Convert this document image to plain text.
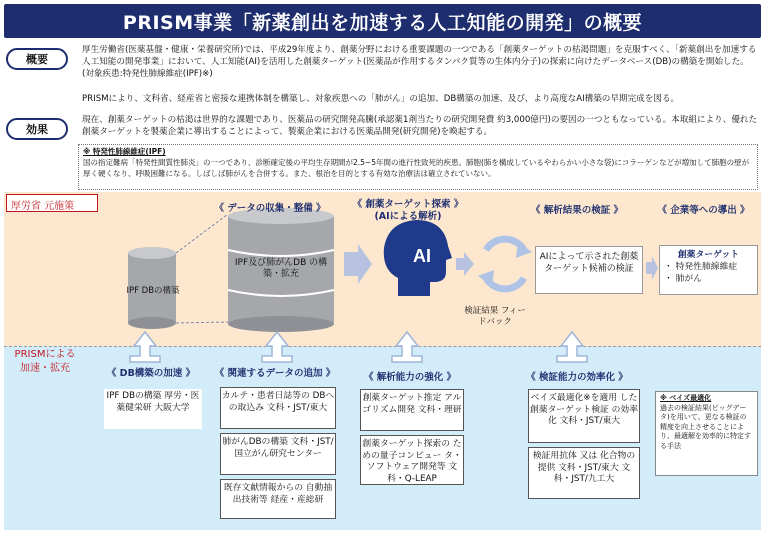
PRISM事業「新薬創出を加速する人工知能の開発」の概要
概要
厚生労働省(医薬基盤・健康・栄養研究所)では、平成29年度より、創薬分野における重要課題の一つである「創薬ターゲットの枯渇問題」を克服すべく、「新薬創出を加速する人工知能の開発事業」において、人工知能(AI)を活用した創薬ターゲット(医薬品が作用するタンパク質等の生体内分子)の探索に向けたデータベース(DB)の構築を開始した。(対象疾患:特発性肺線維症(IPF)※)
PRISMにより、文科省、経産省と密接な連携体制を構築し、対象疾患への「肺がん」の追加、DB構築の加速、及び、より高度なAI構築の早期完成を図る。
効果
現在、創薬ターゲットの枯渇は世界的な課題であり、医薬品の研究開発高騰(承認薬1剤当たりの研究開発費 約3,000億円)の要因の一つともなっている。本取組により、優れた創薬ターゲットを製薬企業に導出することによって、製薬企業における医薬品開発(研究開発)を喚起する。
※ 特発性肺線維症(IPF)
国の指定難病「特発性間質性肺炎」の一つであり、診断確定後の平均生存期間が2.5~5年間の進行性致死的疾患。肺胞(肺を構成しているやわらかい小さな袋)にコラーゲンなどが増加して肺胞の壁が厚く硬くなり、呼吸困難になる。しばしば肺がんを合併する。また、根治を目的とする有効な治療法は確立されていない。
厚労省 元施策
PRISMによる 加速・拡充
AI
《 データの収集・整備 》	《 創薬ターゲット探索 》
(AIによる解析)
《 解析結果の検証 》	《 企業等への導出 》
IPF DBの構築
IPF及び肺がんDB の構築・拡充
検証結果 フィードバック
AIによって示された創薬ターゲット候補の検証
創薬ターゲット
・ 特発性肺線維症
・ 肺がん
《 DB構築の加速 》	《 関連するデータの追加 》	《 解析能力の強化 》	《 検証能力の効率化 》
IPF DBの構築 厚労・医薬健栄研 大阪大学
カルテ・患者日誌等の DBへの取込み 文科・JST/東大
肺がんDBの構築 文科・JST/ 国立がん研究センター
既存文献情報からの 自動抽出技術等 経産・産総研
創薬ターゲット推定 アルゴリズム開発 文科・理研
創薬ターゲット探索の ための量子コンピュー タ・ソフトウェア開発等 文科・Q-LEAP
ベイズ最適化※を適用 した創薬ターゲット検証 の効率化 文科・JST/東大
検証用抗体 又は 化合物の提供 文科・JST/東大 文科・JST/九工大
※ ベイズ最適化
過去の検証結果(ビッグデータ)を用いて、更なる検証の精度を向上させることにより、最適解を効率的に特定する手法
